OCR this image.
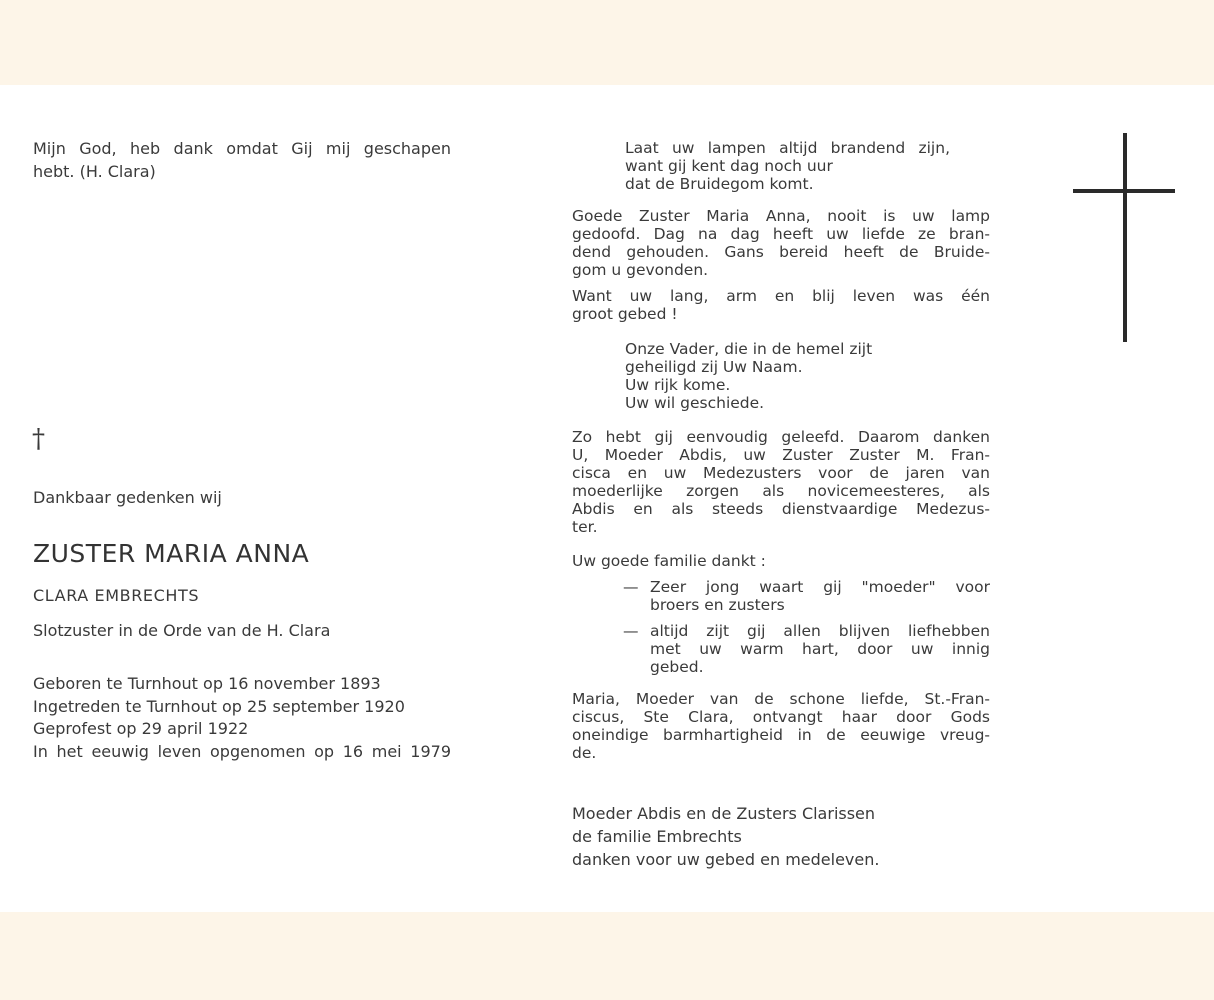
Mijn God, heb dank omdat Gij mij geschapen
hebt. (H. Clara)
†
Dankbaar gedenken wij
ZUSTER MARIA ANNA
CLARA EMBRECHTS
Slotzuster in de Orde van de H. Clara
Geboren te Turnhout op 16 november 1893
Ingetreden te Turnhout op 25 september 1920
Geprofest op 29 april 1922
In het eeuwig leven opgenomen op 16 mei 1979
Laat uw lampen altijd brandend zijn,
want gij kent dag noch uur
dat de Bruidegom komt.
Goede Zuster Maria Anna, nooit is uw lamp
gedoofd. Dag na dag heeft uw liefde ze bran-
dend gehouden. Gans bereid heeft de Bruide-
gom u gevonden.
Want uw lang, arm en blij leven was één
groot gebed !
Onze Vader, die in de hemel zijt
geheiligd zij Uw Naam.
Uw rijk kome.
Uw wil geschiede.
Zo hebt gij eenvoudig geleefd. Daarom danken
U, Moeder Abdis, uw Zuster Zuster M. Fran-
cisca en uw Medezusters voor de jaren van
moederlijke zorgen als novicemeesteres, als
Abdis en als steeds dienstvaardige Medezus-
ter.
Uw goede familie dankt :
— Zeer jong waart gij "moeder" voor
broers en zusters
— altijd zijt gij allen blijven liefhebben
met uw warm hart, door uw innig
gebed.
Maria, Moeder van de schone liefde, St.-Fran-
ciscus, Ste Clara, ontvangt haar door Gods
oneindige barmhartigheid in de eeuwige vreug-
de.
Moeder Abdis en de Zusters Clarissen
de familie Embrechts
danken voor uw gebed en medeleven.
